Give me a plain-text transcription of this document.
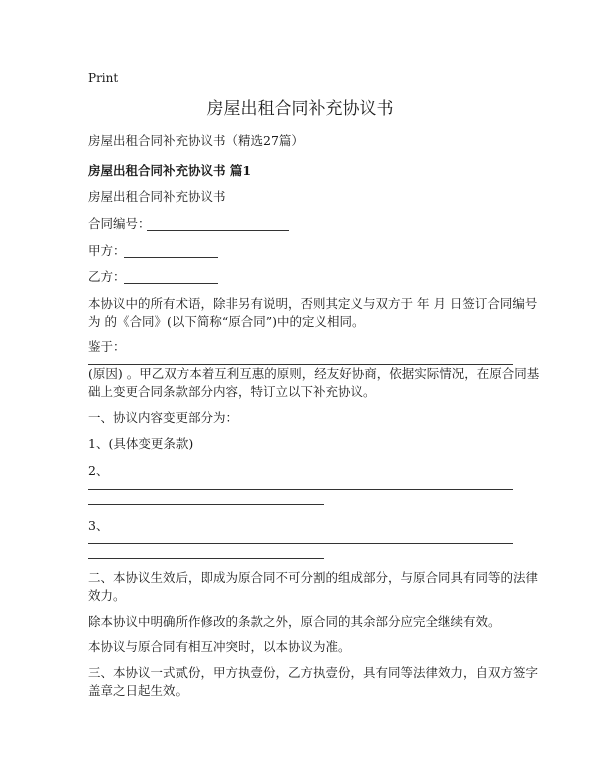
Print
房屋出租合同补充协议书
房屋出租合同补充协议书（精选27篇）
房屋出租合同补充协议书 篇1
房屋出租合同补充协议书
合同编号：
甲方：
乙方：
本协议中的所有术语，除非另有说明，否则其定义与双方于 年 月 日签订合同编号
为 的《合同》(以下简称“原合同”)中的定义相同。
鉴于：
(原因) 。甲乙双方本着互利互惠的原则，经友好协商，依据实际情况，在原合同基
础上变更合同条款部分内容，特订立以下补充协议。
一、协议内容变更部分为：
1、(具体变更条款)
2、
3、
二、本协议生效后，即成为原合同不可分割的组成部分，与原合同具有同等的法律
效力。
除本协议中明确所作修改的条款之外，原合同的其余部分应完全继续有效。
本协议与原合同有相互冲突时，以本协议为准。
三、本协议一式贰份，甲方执壹份，乙方执壹份，具有同等法律效力，自双方签字
盖章之日起生效。
